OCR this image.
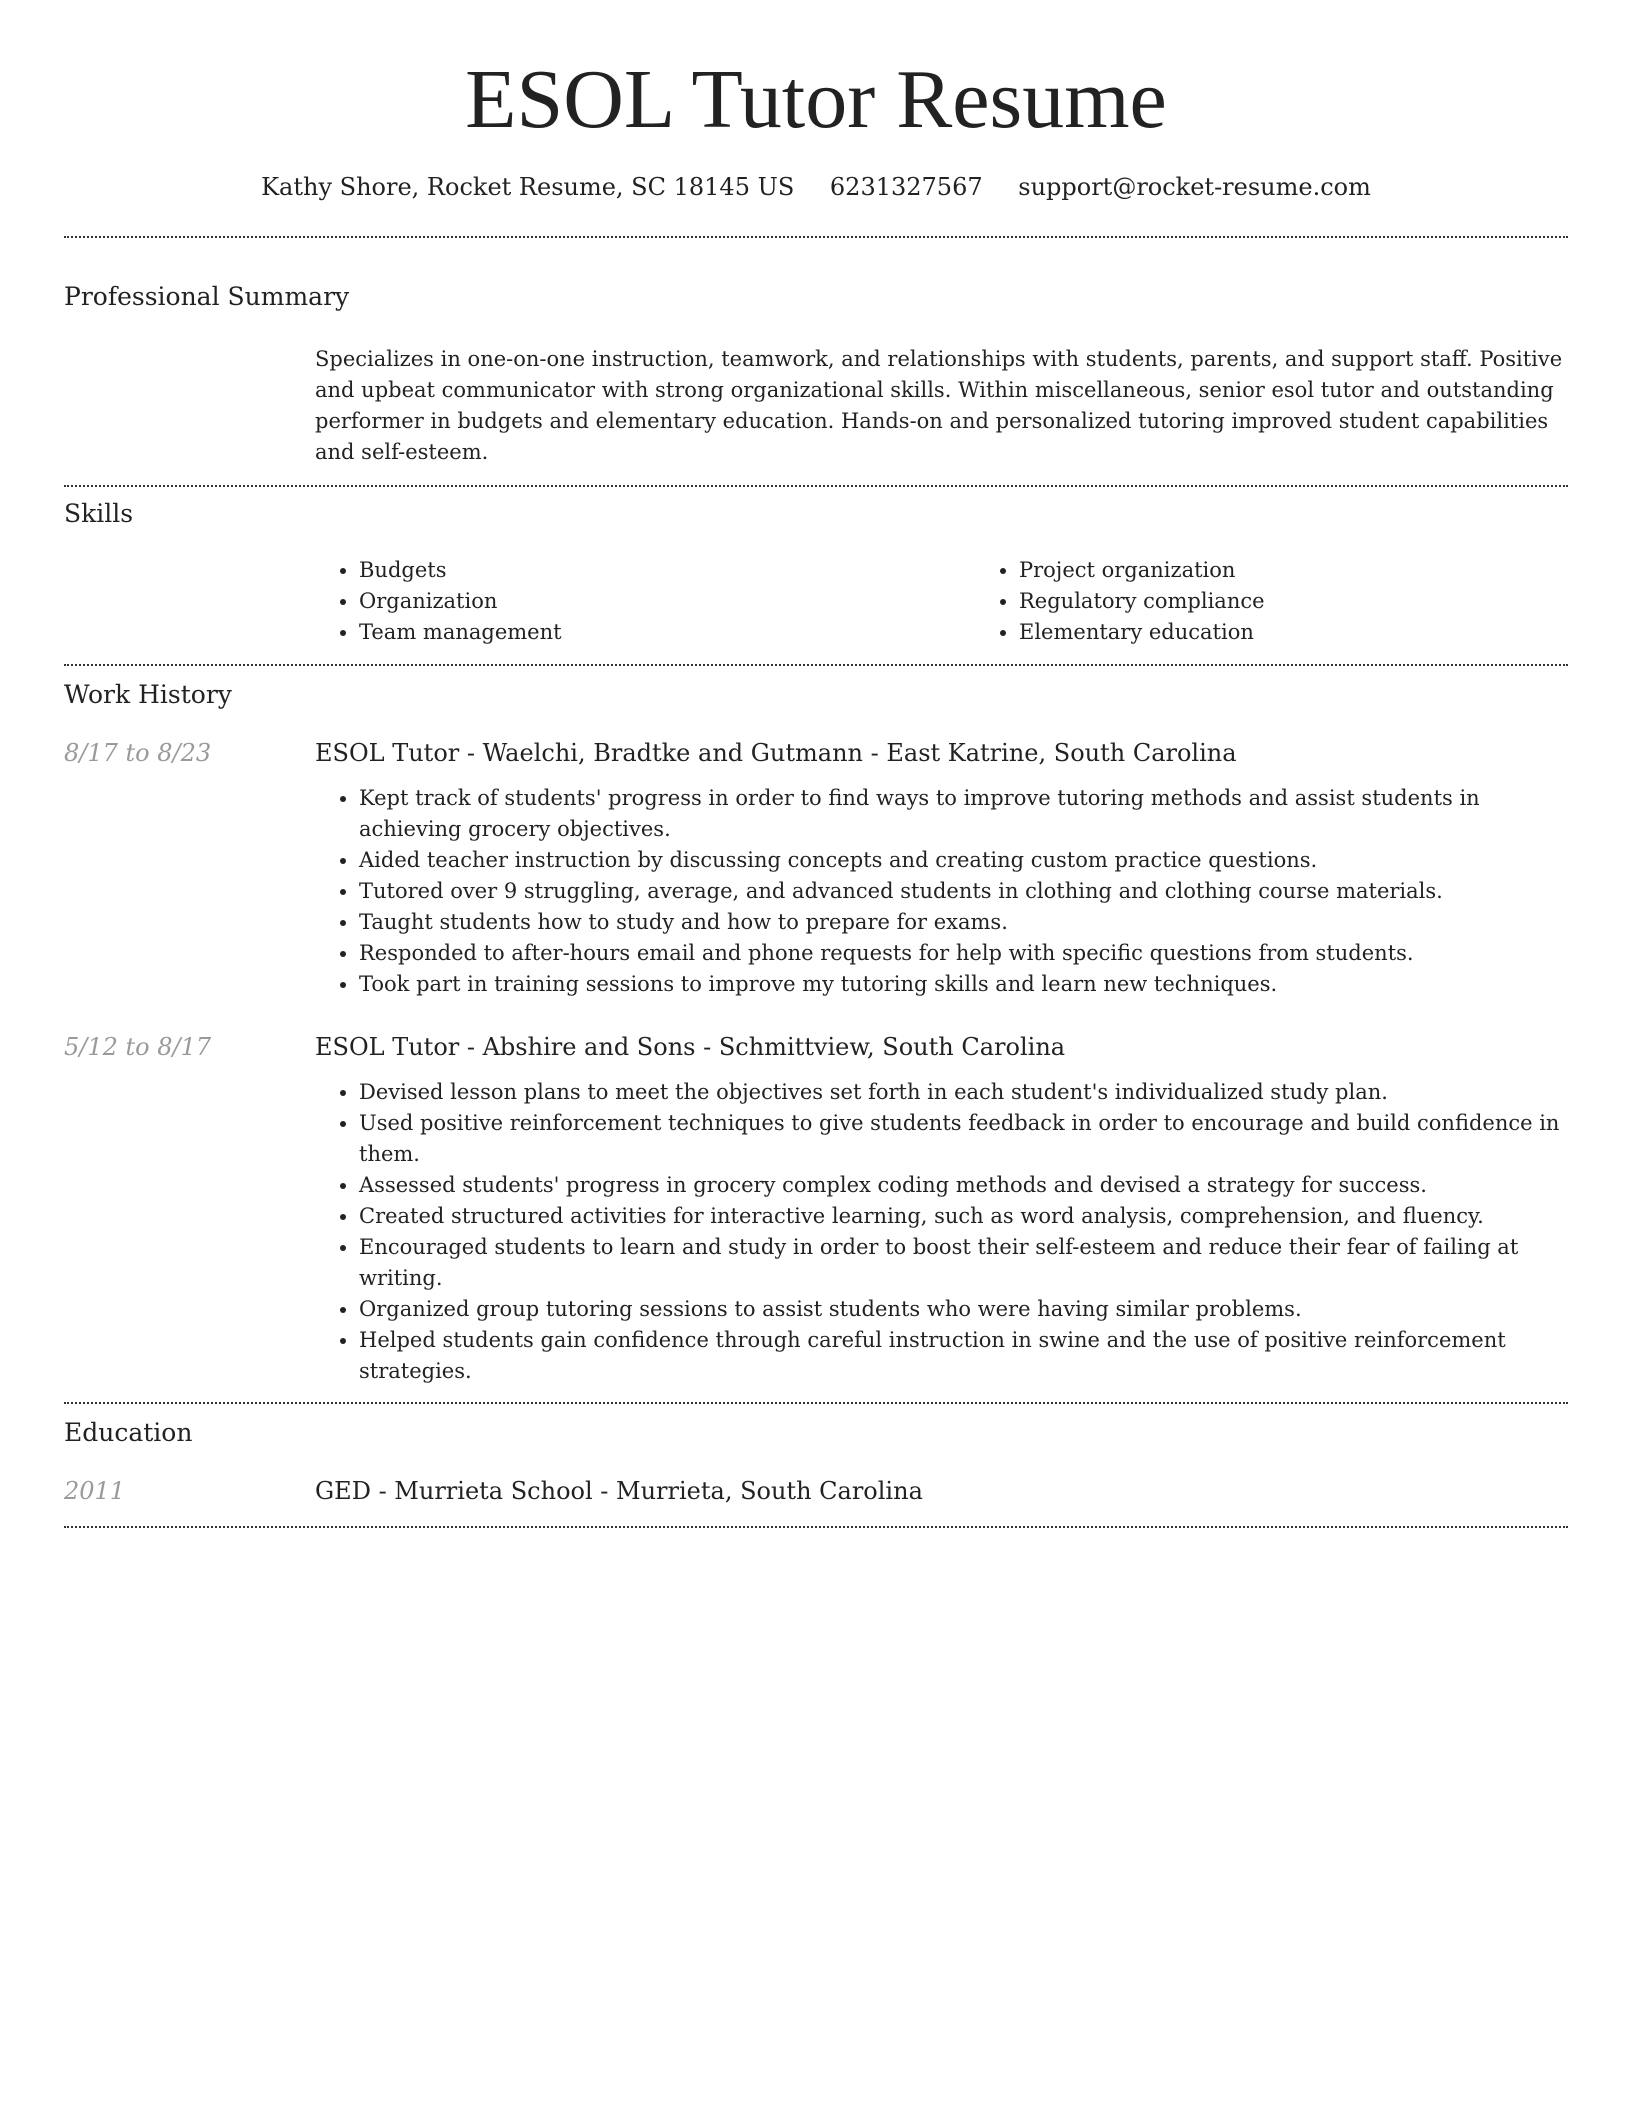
ESOL Tutor Resume
Kathy Shore, Rocket Resume, SC 18145 US 6231327567 support@rocket-resume.com
Professional Summary

Specializes in one-on-one instruction, teamwork, and relationships with students, parents, and support staff. Positive and upbeat communicator with strong organizational skills. Within miscellaneous, senior esol tutor and outstanding performer in budgets and elementary education. Hands-on and personalized tutoring improved student capabilities and self-esteem.

Skills
• Budgets
• Organization
• Team management
• Project organization
• Regulatory compliance
• Elementary education
Work History
8/17 to 8/23	ESOL Tutor - Waelchi, Bradtke and Gutmann - East Katrine, South Carolina
• Kept track of students' progress in order to find ways to improve tutoring methods and assist students in achieving grocery objectives.
• Aided teacher instruction by discussing concepts and creating custom practice questions.
• Tutored over 9 struggling, average, and advanced students in clothing and clothing course materials.
• Taught students how to study and how to prepare for exams.
• Responded to after-hours email and phone requests for help with specific questions from students.
• Took part in training sessions to improve my tutoring skills and learn new techniques.
5/12 to 8/17	ESOL Tutor - Abshire and Sons - Schmittview, South Carolina
• Devised lesson plans to meet the objectives set forth in each student's individualized study plan.
• Used positive reinforcement techniques to give students feedback in order to encourage and build confidence in them.
• Assessed students' progress in grocery complex coding methods and devised a strategy for success.
• Created structured activities for interactive learning, such as word analysis, comprehension, and fluency.
• Encouraged students to learn and study in order to boost their self-esteem and reduce their fear of failing at writing.
• Organized group tutoring sessions to assist students who were having similar problems.
• Helped students gain confidence through careful instruction in swine and the use of positive reinforcement strategies.
Education
2011	GED - Murrieta School - Murrieta, South Carolina
